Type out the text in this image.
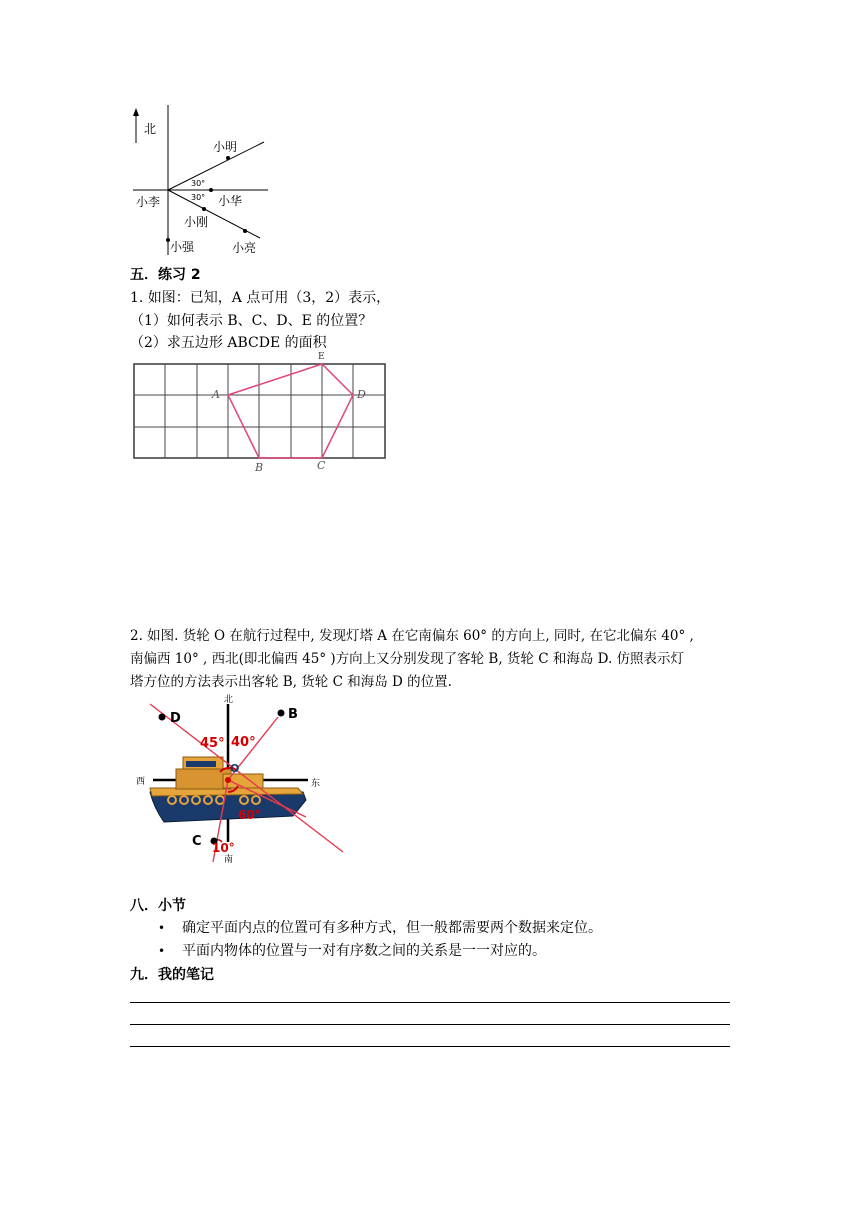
北
小明
小李	小华
小刚
小强	小亮
30°
30°
五．练习 2
1. 如图：已知，A 点可用（3，2）表示，
（1）如何表示 B、C、D、E 的位置？
（2）求五边形 ABCDE 的面积
A
E
D
B	C
2. 如图. 货轮 O 在航行过程中, 发现灯塔 A 在它南偏东 60° 的方向上, 同时, 在它北偏东 40° ,
南偏西 10° , 西北(即北偏西 45° )方向上又分别发现了客轮 B, 货轮 C 和海岛 D. 仿照表示灯
塔方位的方法表示出客轮 B, 货轮 C 和海岛 D 的位置.
北
南
西	东
D	B
C
O
45° 40°
60°
10°
八．小节
• 确定平面内点的位置可有多种方式，但一般都需要两个数据来定位。
• 平面内物体的位置与一对有序数之间的关系是一一对应的。
九．我的笔记
